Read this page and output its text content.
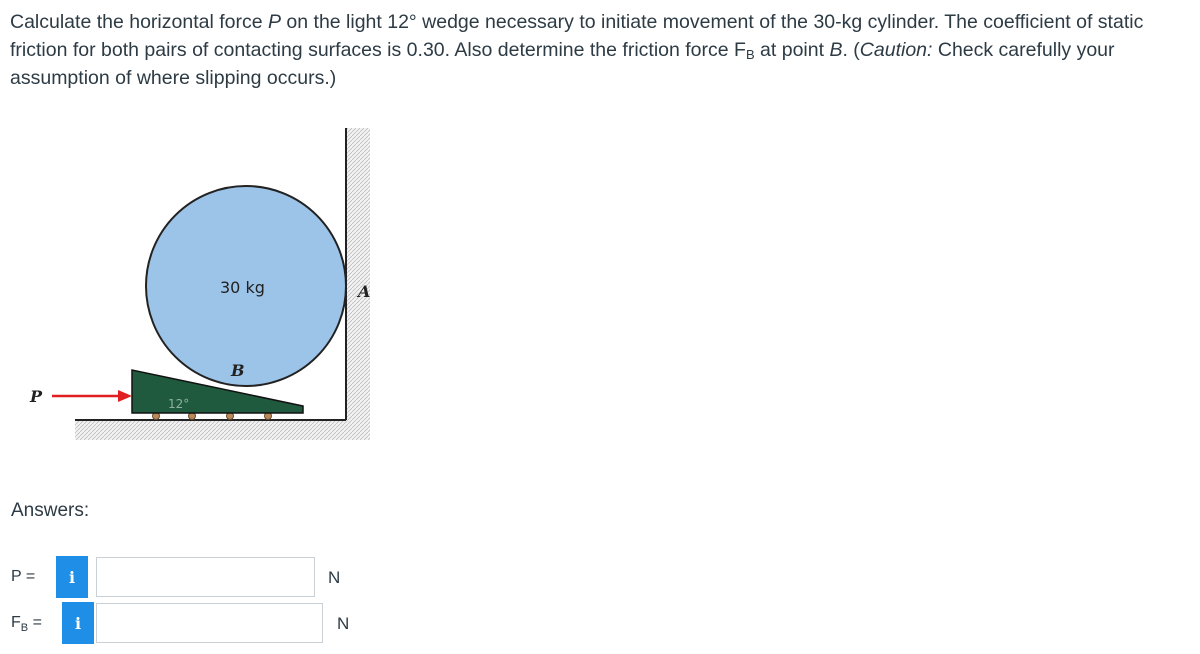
Calculate the horizontal force P on the light 12° wedge necessary to initiate movement of the 30-kg cylinder. The coefficient of static friction for both pairs of contacting surfaces is 0.30. Also determine the friction force $F_B$ at point B. (Caution: Check carefully your assumption of where slipping occurs.)

30 kg	A
B
P	12°
Answers:
P =	i	N
$F_B$ =	i	N
